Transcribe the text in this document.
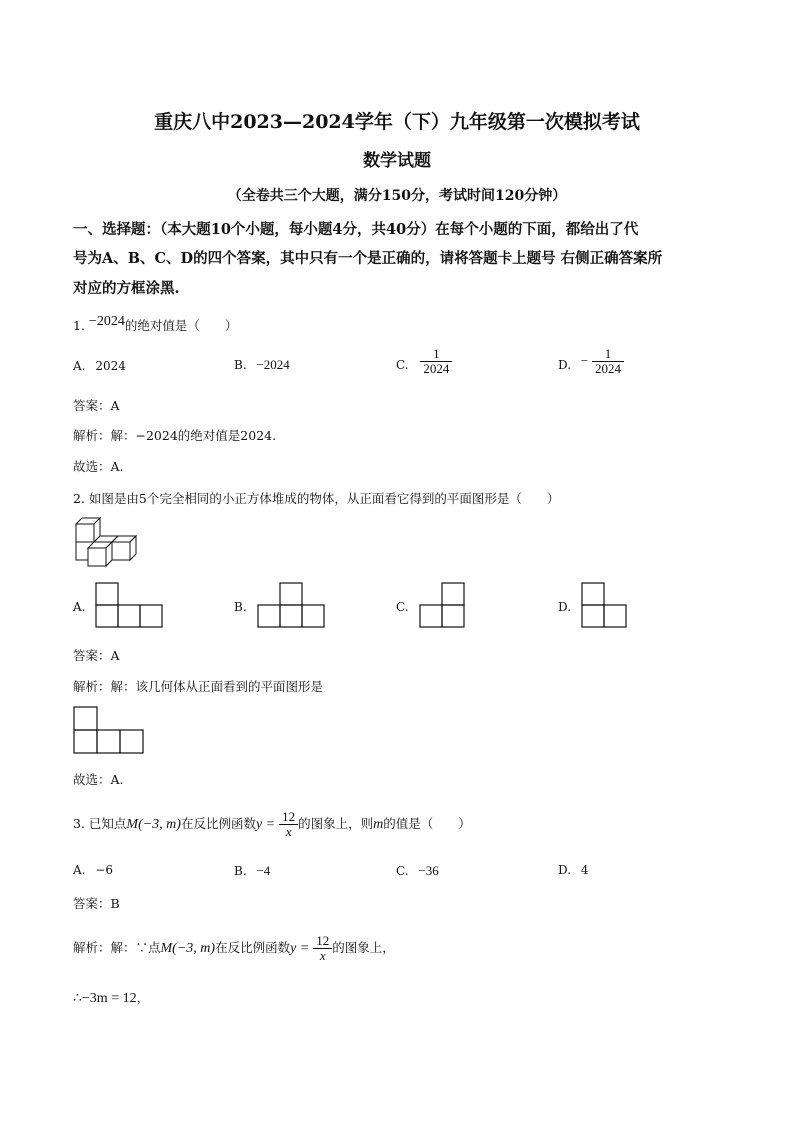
重庆八中2023—2024学年（下）九年级第一次模拟考试
数学试题
（全卷共三个大题，满分150分，考试时间120分钟）
一、选择题：（本大题10个小题，每小题4分，共40分）在每个小题的下面，都给出了代
号为A、B、C、D的四个答案，其中只有一个是正确的，请将答题卡上题号 右侧正确答案所
对应的方框涂黑.
1. −2024的绝对值是（　　）
A. 2024	B. −2024	C. $\frac{1}{2024}$	D. − $\frac{1}{2024}$
答案：A
解析：解：−2024的绝对值是2024.
故选：A.
2. 如图是由5个完全相同的小正方体堆成的物体，从正面看它得到的平面图形是（　　）
A.	B.	C.	D.
答案：A
解析：解：该几何体从正面看到的平面图形是
故选：A.
3. 已知点M(−3, m)在反比例函数$y = \frac{12}{x}$ 的图象上，则m的值是（　　）
A. −6	B. −4	C. −36	D. 4
答案：B
解析：解：∵点M(−3, m)在反比例函数$y = \frac{12}{x}$ 的图象上，
∴−3m = 12，
